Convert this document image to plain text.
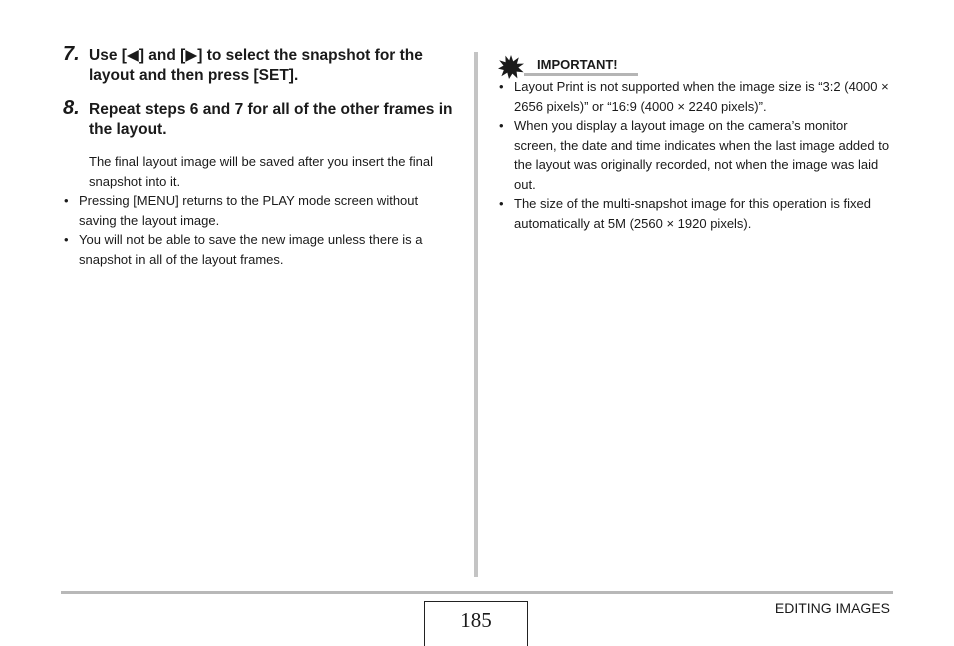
7. Use [◀] and [▶] to select the snapshot for the layout and then press [SET].
8. Repeat steps 6 and 7 for all of the other frames in the layout.
The final layout image will be saved after you insert the final snapshot into it.
• Pressing [MENU] returns to the PLAY mode screen without saving the layout image.
• You will not be able to save the new image unless there is a snapshot in all of the layout frames.
IMPORTANT!
• Layout Print is not supported when the image size is “3:2 (4000 × 2656 pixels)” or “16:9 (4000 × 2240 pixels)”.
• When you display a layout image on the camera’s monitor screen, the date and time indicates when the last image added to the layout was originally recorded, not when the image was laid out.
• The size of the multi-snapshot image for this operation is fixed automatically at 5M (2560 × 1920 pixels).
EDITING IMAGES
185
